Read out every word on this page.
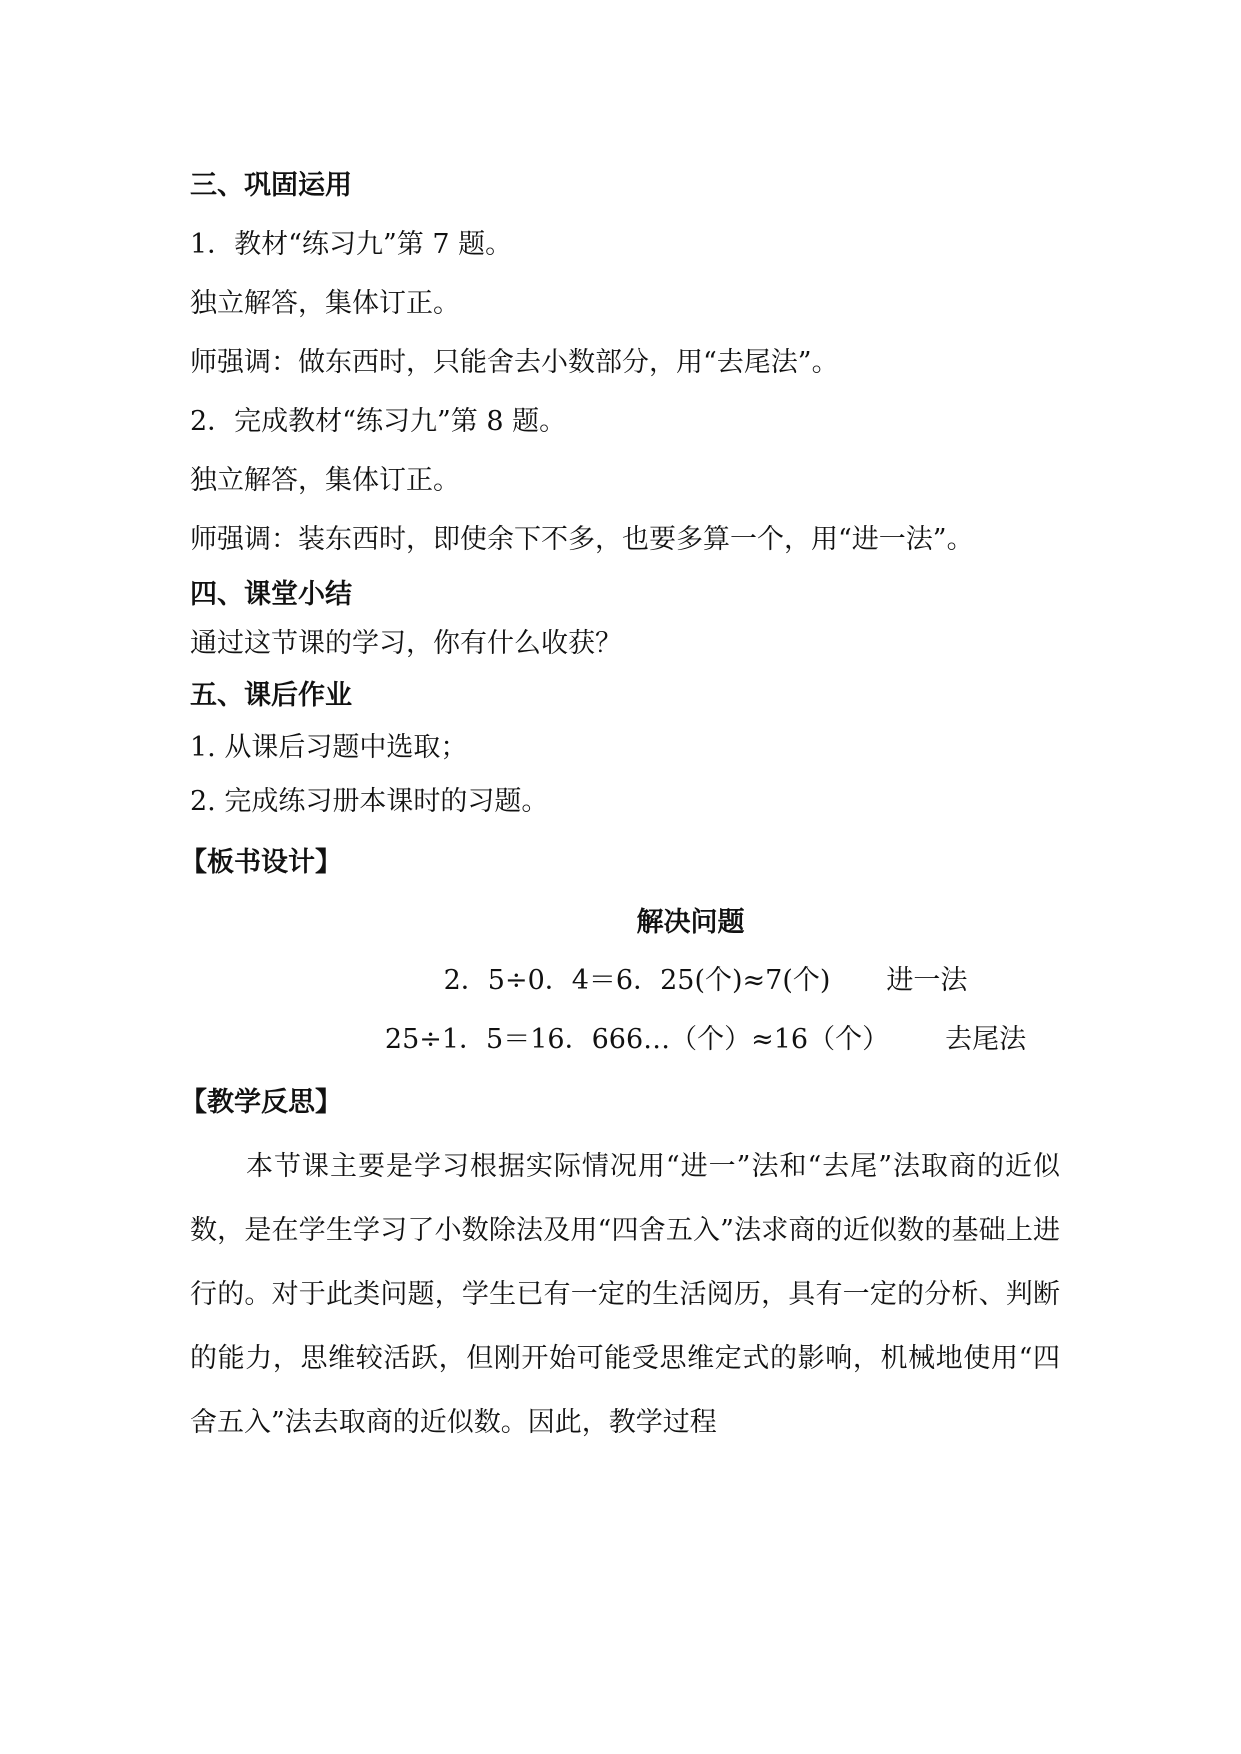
三、巩固运用
1．教材“练习九”第 7 题。
独立解答，集体订正。
师强调：做东西时，只能舍去小数部分，用“去尾法”。
2．完成教材“练习九”第 8 题。
独立解答，集体订正。
师强调：装东西时，即使余下不多，也要多算一个，用“进一法”。
四、课堂小结
通过这节课的学习，你有什么收获？
五、课后作业
1. 从课后习题中选取；
2. 完成练习册本课时的习题。
【板书设计】
解决问题
2．5÷0．4＝6．25(个)≈7(个) 进一法
25÷1．5＝16．666…（个）≈16（个） 去尾法
【教学反思】
本节课主要是学习根据实际情况用“进一”法和“去尾”法取商的近似数，是在学生学习了小数除法及用“四舍五入”法求商的近似数的基础上进行的。对于此类问题，学生已有一定的生活阅历，具有一定的分析、判断的能力，思维较活跃，但刚开始可能受思维定式的影响，机械地使用“四舍五入”法去取商的近似数。因此，教学过程
